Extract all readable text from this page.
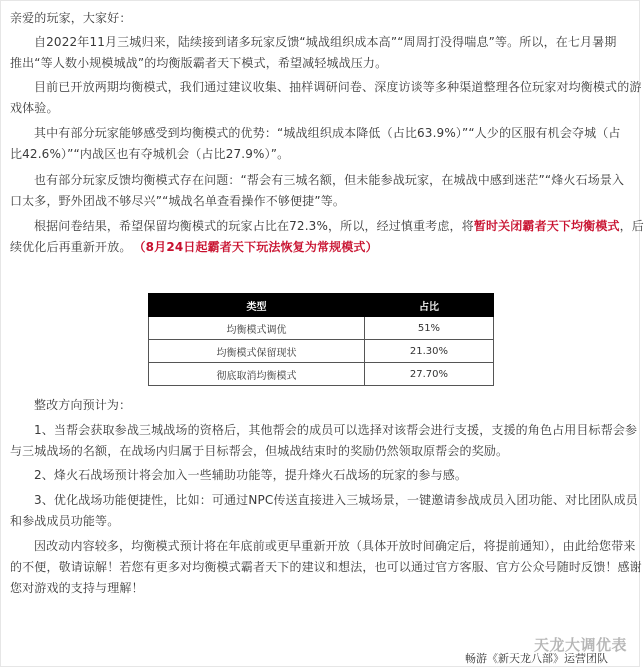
亲爱的玩家，大家好：
自2022年11月三城归来，陆续接到诸多玩家反馈“城战组织成本高”“周周打没得喘息”等。所以，在七月暑期
推出“等人数小规模城战”的均衡版霸者天下模式，希望减轻城战压力。
目前已开放两期均衡模式，我们通过建议收集、抽样调研问卷、深度访谈等多种渠道整理各位玩家对均衡模式的游
戏体验。
其中有部分玩家能够感受到均衡模式的优势：“城战组织成本降低（占比63.9%）”“人少的区服有机会夺城（占
比42.6%）”“内战区也有夺城机会（占比27.9%）”。
也有部分玩家反馈均衡模式存在问题：“帮会有三城名额，但未能参战玩家，在城战中感到迷茫”“烽火石场景入
口太多，野外团战不够尽兴”“城战名单查看操作不够便捷”等。
根据问卷结果，希望保留均衡模式的玩家占比在72.3%，所以，经过慎重考虑，将暂时关闭霸者天下均衡模式，后
续优化后再重新开放。 （8月24日起霸者天下玩法恢复为常规模式）
类型	占比
均衡模式调优	51%
均衡模式保留现状	21.30%
彻底取消均衡模式	27.70%
整改方向预计为：
1、当帮会获取参战三城战场的资格后，其他帮会的成员可以选择对该帮会进行支援，支援的角色占用目标帮会参
与三城战场的名额，在战场内归属于目标帮会，但城战结束时的奖励仍然领取原帮会的奖励。
2、烽火石战场预计将会加入一些辅助功能等，提升烽火石战场的玩家的参与感。
3、优化战场功能便捷性，比如：可通过NPC传送直接进入三城场景，一键邀请参战成员入团功能、对比团队成员
和参战成员功能等。
因改动内容较多，均衡模式预计将在年底前或更早重新开放（具体开放时间确定后，将提前通知），由此给您带来
的不便，敬请谅解！若您有更多对均衡模式霸者天下的建议和想法，也可以通过官方客服、官方公众号随时反馈！感谢
您对游戏的支持与理解！
天龙大调优表
畅游《新天龙八部》运营团队
